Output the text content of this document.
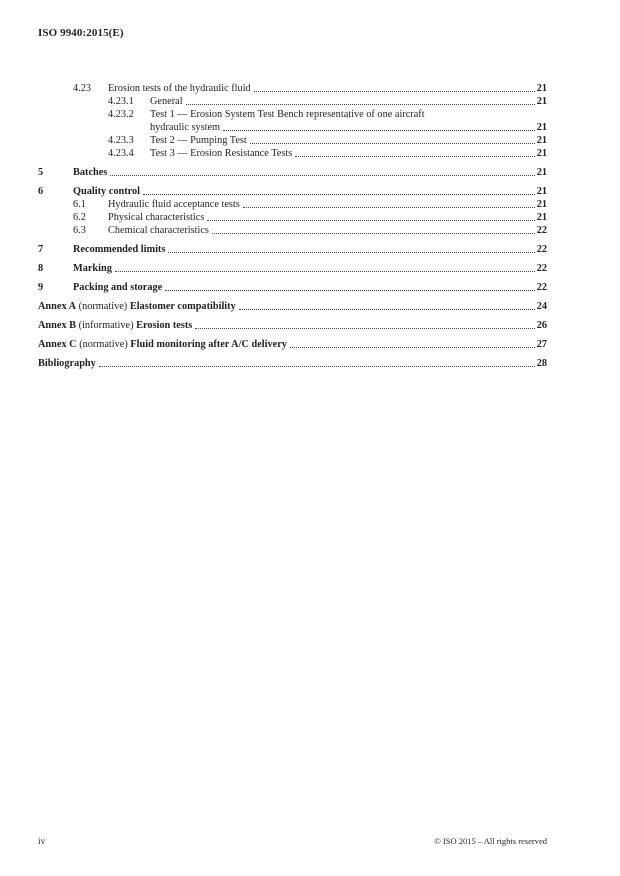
ISO 9940:2015(E)
4.23	Erosion tests of the hydraulic fluid	21
4.23.1	General	21
4.23.2	Test 1 — Erosion System Test Bench representative of one aircraft
hydraulic system	21
4.23.3	Test 2 — Pumping Test	21
4.23.4	Test 3 — Erosion Resistance Tests	21
5	Batches	21
6	Quality control	21
6.1	Hydraulic fluid acceptance tests	21
6.2	Physical characteristics	21
6.3	Chemical characteristics	22
7	Recommended limits	22
8	Marking	22
9	Packing and storage	22
Annex A (normative) Elastomer compatibility	24
Annex B (informative) Erosion tests	26
Annex C (normative) Fluid monitoring after A/C delivery	27
Bibliography	28
iv	© ISO 2015 – All rights reserved
